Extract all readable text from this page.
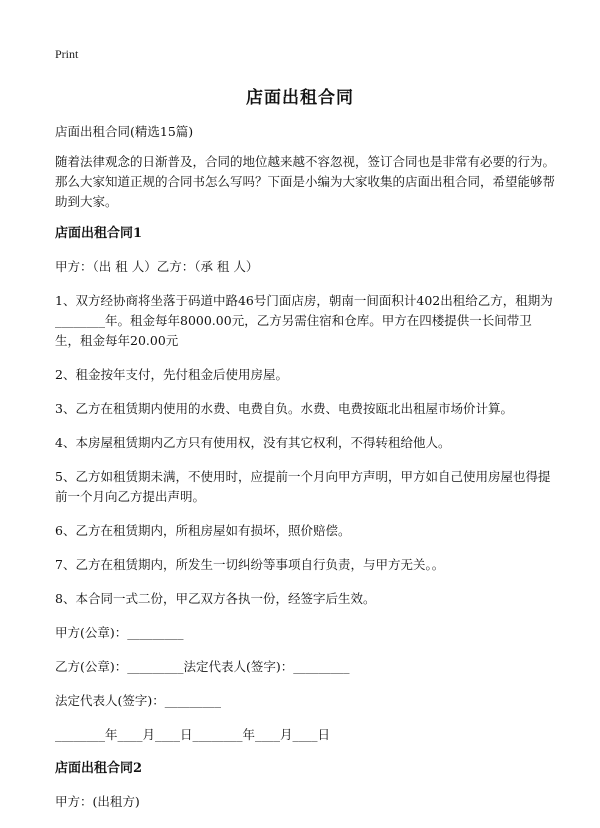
Print
店面出租合同

店面出租合同(精选15篇)

随着法律观念的日渐普及，合同的地位越来越不容忽视，签订合同也是非常有必要的行为。那么大家知道正规的合同书怎么写吗？下面是小编为大家收集的店面出租合同，希望能够帮助到大家。

店面出租合同1

甲方：（出 租 人）乙方：（承 租 人）

1、双方经协商将坐落于码道中路46号门面店房，朝南一间面积计402出租给乙方，租期为________年。租金每年8000.00元，乙方另需住宿和仓库。甲方在四楼提供一长间带卫生，租金每年20.00元

2、租金按年支付，先付租金后使用房屋。

3、乙方在租赁期内使用的水费、电费自负。水费、电费按瓯北出租屋市场价计算。

4、本房屋租赁期内乙方只有使用权，没有其它权利，不得转租给他人。

5、乙方如租赁期未满，不使用时，应提前一个月向甲方声明，甲方如自己使用房屋也得提前一个月向乙方提出声明。

6、乙方在租赁期内，所租房屋如有损坏，照价赔偿。

7、乙方在租赁期内，所发生一切纠纷等事项自行负责，与甲方无关。。

8、本合同一式二份，甲乙双方各执一份，经签字后生效。

甲方(公章)：_________

乙方(公章)：_________法定代表人(签字)：_________

法定代表人(签字)：_________

________年____月____日________年____月____日

店面出租合同2

甲方：(出租方)
